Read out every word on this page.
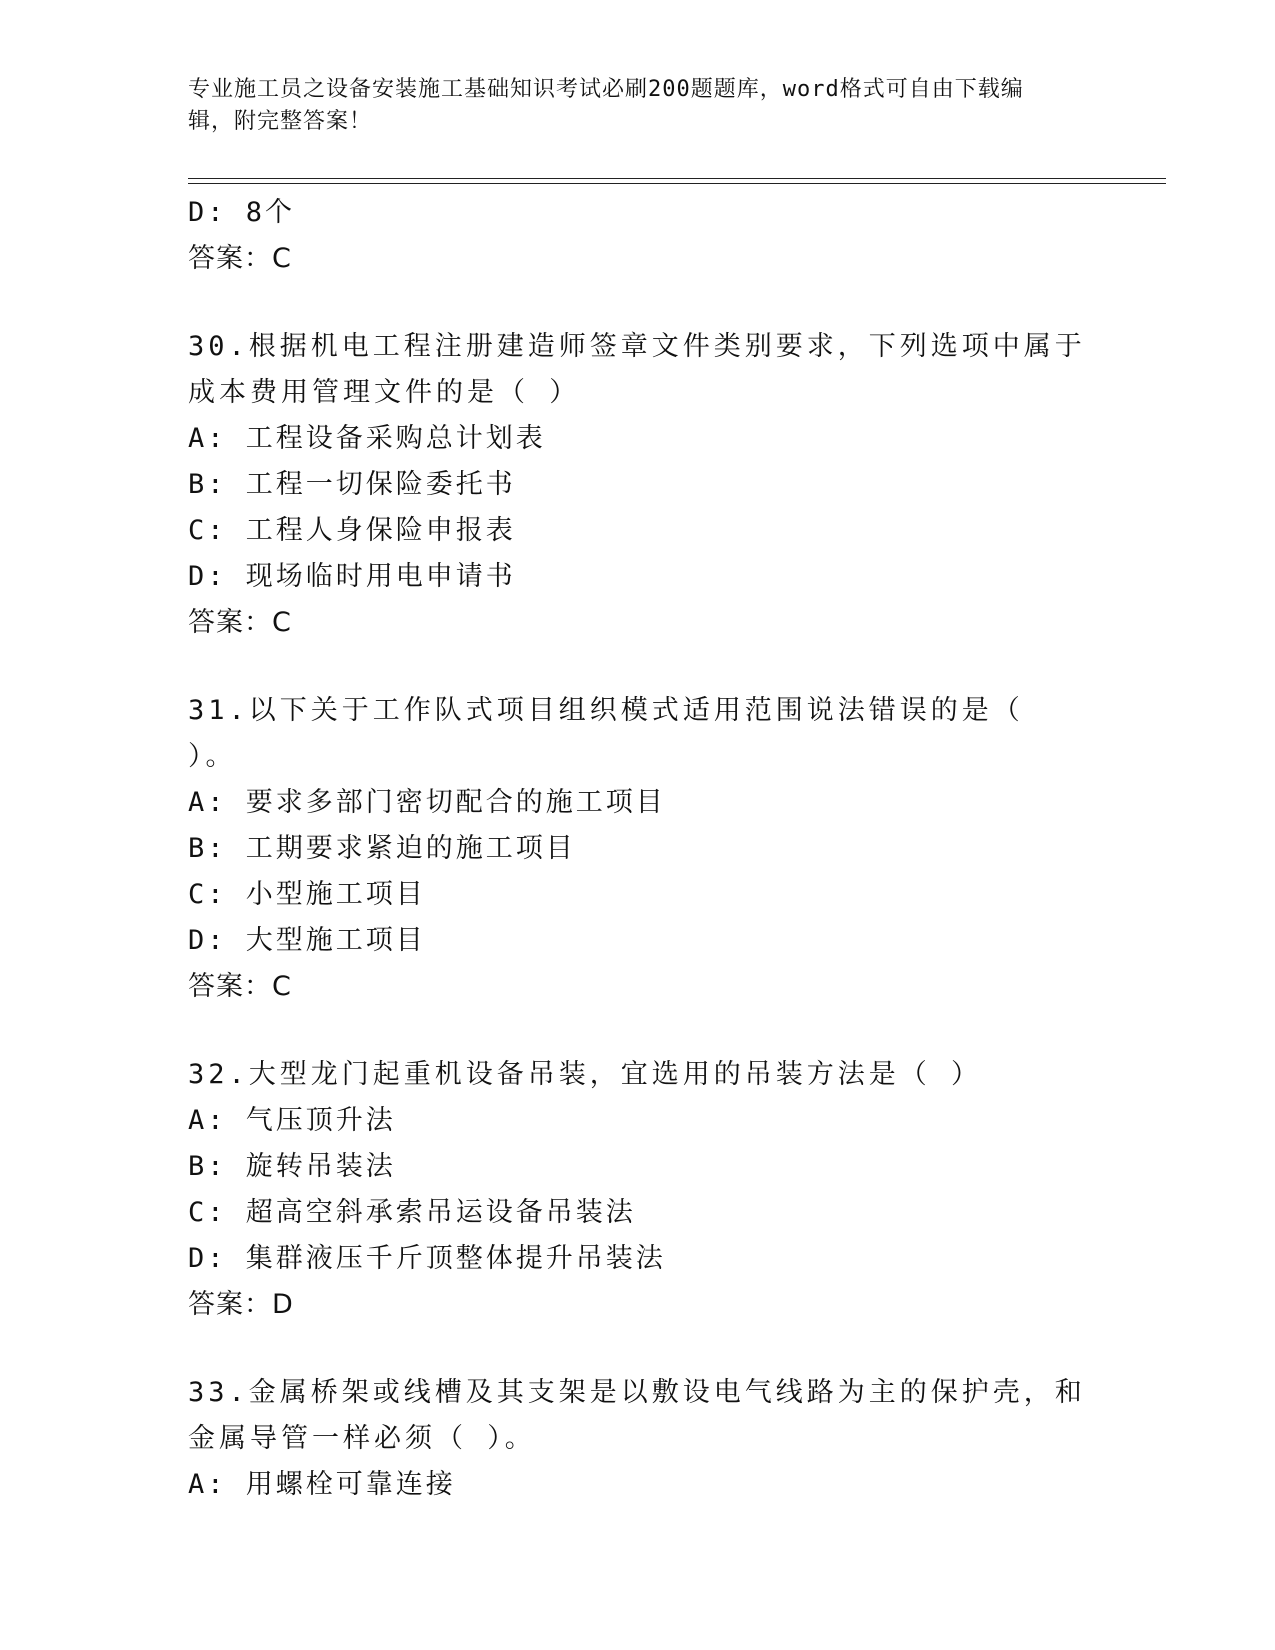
专业施工员之设备安装施工基础知识考试必刷200题题库，word格式可自由下载编辑，附完整答案！
D: 8个
答案：C
30.根据机电工程注册建造师签章文件类别要求，下列选项中属于成本费用管理文件的是（ ）
A: 工程设备采购总计划表
B: 工程一切保险委托书
C: 工程人身保险申报表
D: 现场临时用电申请书
答案：C
31.以下关于工作队式项目组织模式适用范围说法错误的是（ ）。
A: 要求多部门密切配合的施工项目
B: 工期要求紧迫的施工项目
C: 小型施工项目
D: 大型施工项目
答案：C
32.大型龙门起重机设备吊装，宜选用的吊装方法是（ ）
A: 气压顶升法
B: 旋转吊装法
C: 超高空斜承索吊运设备吊装法
D: 集群液压千斤顶整体提升吊装法
答案：D
33.金属桥架或线槽及其支架是以敷设电气线路为主的保护壳，和金属导管一样必须（ ）。
A: 用螺栓可靠连接
